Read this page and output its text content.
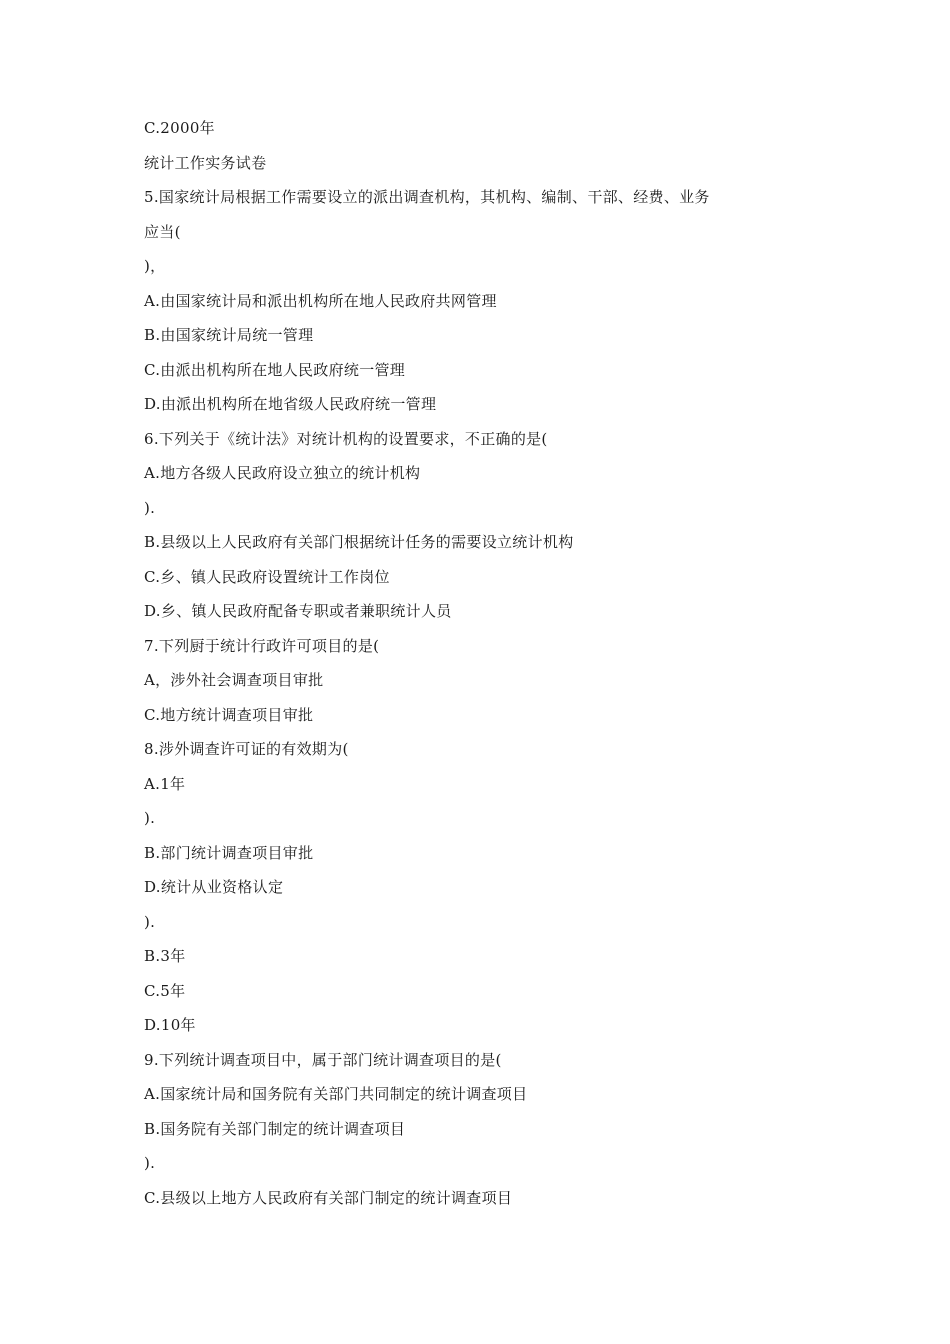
C.2000年
统计工作实务试卷
5.国家统计局根据工作需要设立的派出调查机构，其机构、编制、干部、经费、业务
应当(
)，
A.由国家统计局和派出机构所在地人民政府共网管理
B.由国家统计局统一管理
C.由派出机构所在地人民政府统一管理
D.由派出机构所在地省级人民政府统一管理
6.下列关于《统计法》对统计机构的设置要求，不正确的是(
A.地方各级人民政府设立独立的统计机构
).
B.县级以上人民政府有关部门根据统计任务的需要设立统计机构
C.乡、镇人民政府设置统计工作岗位
D.乡、镇人民政府配备专职或者兼职统计人员
7.下列厨于统计行政许可项目的是(
A，涉外社会调查项目审批
C.地方统计调查项目审批
8.涉外调查许可证的有效期为(
A.1年
).
B.部门统计调查项目审批
D.统计从业资格认定
).
B.3年
C.5年
D.10年
9.下列统计调查项目中，属于部门统计调查项目的是(
A.国家统计局和国务院有关部门共同制定的统计调查项目
B.国务院有关部门制定的统计调查项目
).
C.县级以上地方人民政府有关部门制定的统计调查项目
